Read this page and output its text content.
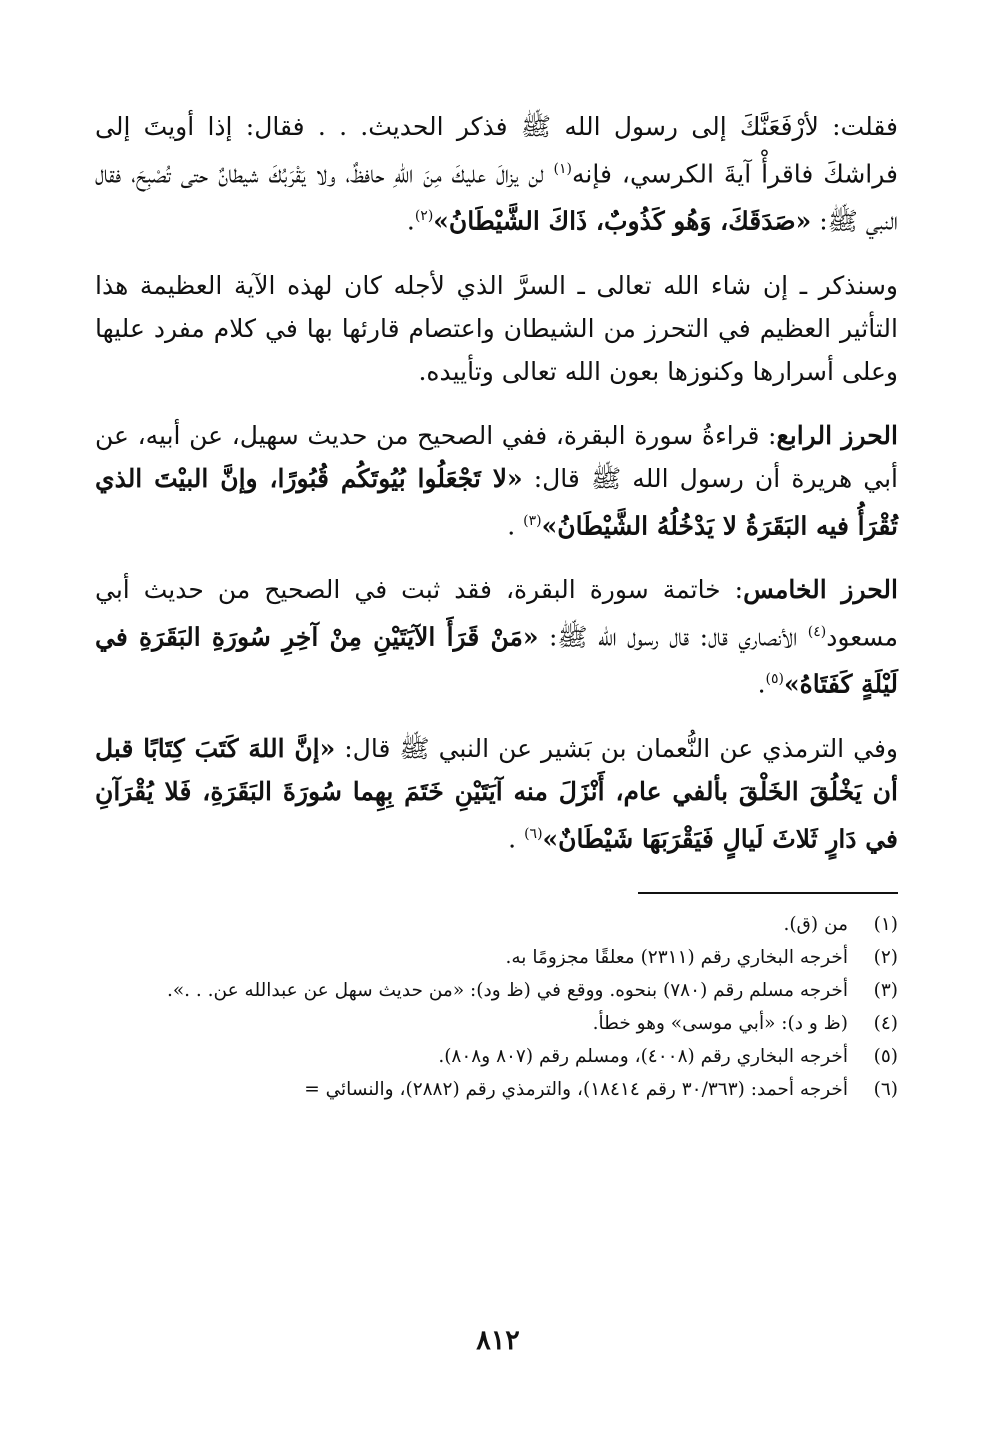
فقلت: لأرْفَعَنَّكَ إلى رسول الله ﷺ فذكر الحديث. . . فقال: إذا أويتَ إلى فراشكَ فاقرأْ آيةَ الكرسي، فإنه$^{(١)}$ لن يزالَ عليكَ مِنَ اللهِ حافظٌ، ولا يَقْرَبُكَ شيطانٌ حتى تُصْبِحَ، فقال النبي ﷺ: «صَدَقَكَ، وَهُو كَذُوبٌ، ذَاكَ الشَّيْطَانُ»$^{(٢)}$.

وسنذكر ـ إن شاء الله تعالى ـ السرَّ الذي لأجله كان لهذه الآية العظيمة هذا التأثير العظيم في التحرز من الشيطان واعتصام قارئها بها في كلام مفرد عليها وعلى أسرارها وكنوزها بعون الله تعالى وتأييده.

الحرز الرابع: قراءةُ سورة البقرة، ففي الصحيح من حديث سهيل، عن أبيه، عن أبي هريرة أن رسول الله ﷺ قال: «لا تَجْعَلُوا بُيُوتَكُم قُبُورًا، وإنَّ البيْتَ الذي تُقْرَأُ فيه البَقَرَةُ لا يَدْخُلُهُ الشَّيْطَانُ»$^{(٣)}$ .

الحرز الخامس: خاتمة سورة البقرة، فقد ثبت في الصحيح من حديث أبي مسعود$^{(٤)}$ الأنصاري قال: قال رسول الله ﷺ: «مَنْ قَرَأَ الآيَتَيْنِ مِنْ آخِرِ سُورَةِ البَقَرَةِ في لَيْلَةٍ كَفَتَاهُ»$^{(٥)}$.

وفي الترمذي عن النُّعمان بن بَشير عن النبي ﷺ قال: «إنَّ اللهَ كَتَبَ كِتَابًا قبل أن يَخْلُقَ الخَلْقَ بألفي عام، أَنْزَلَ منه آيَتَيْنِ خَتَمَ بِهِما سُورَةَ البَقَرَةِ، فَلا يُقْرَآنِ في دَارٍ ثَلاثَ لَيالٍ فَيَقْرَبَهَا شَيْطَانٌ»$^{(٦)}$ .

(١)
من (ق).
(٢)
أخرجه البخاري رقم (٢٣١١) معلقًا مجزومًا به.
(٣)
أخرجه مسلم رقم (٧٨٠) بنحوه. ووقع في (ظ ود): «من حديث سهل عن عبدالله عن. . .».
(٤)
(ظ و د): «أبي موسى» وهو خطأ.
(٥)
أخرجه البخاري رقم (٤٠٠٨)، ومسلم رقم (٨٠٧ و٨٠٨).
(٦)
أخرجه أحمد: (٣٠/٣٦٣ رقم ١٨٤١٤)، والترمذي رقم (٢٨٨٢)، والنسائي =
٨١٢
